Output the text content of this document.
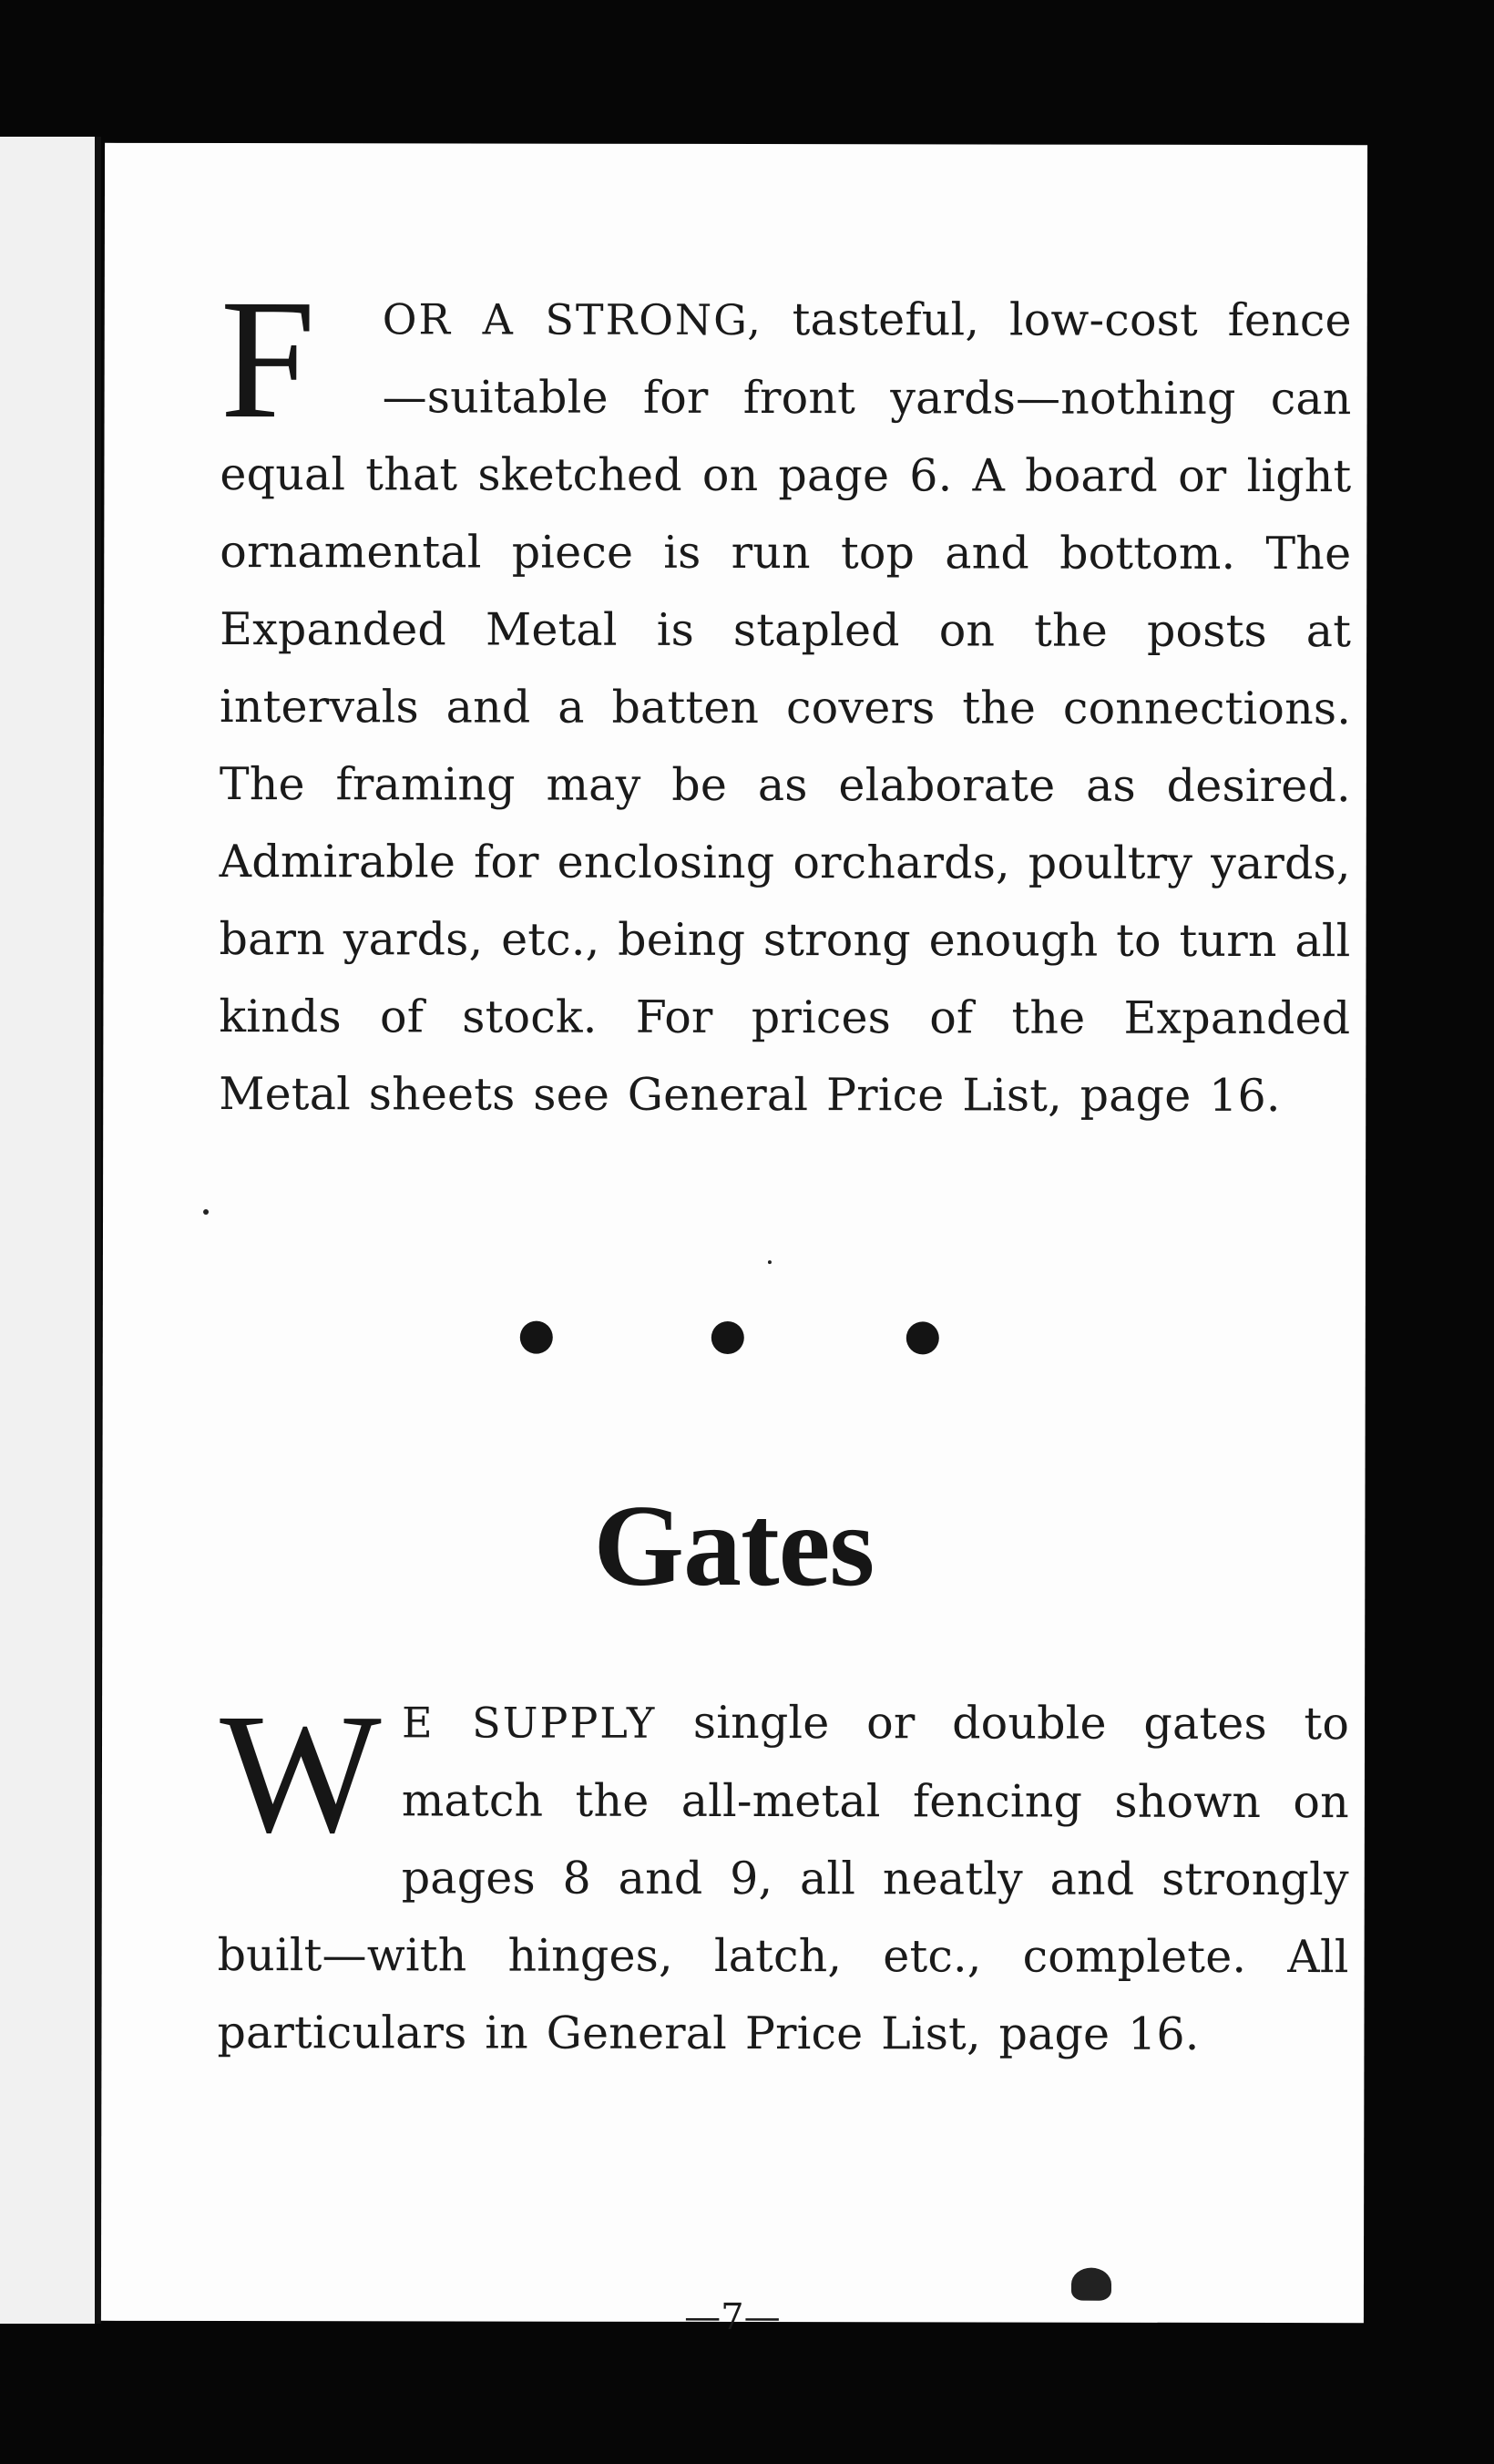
F	OR A STRONG, tasteful, low-cost fence —suitable for front yards—nothing can equal that sketched on page 6. A board or light ornamental piece is run top and bottom. The Expanded Metal is stapled on the posts at intervals and a batten covers the connections. The framing may be as elaborate as desired. Admirable for enclosing orchards, poultry yards, barn yards, etc., being strong enough to turn all kinds of stock. For prices of the Expanded Metal sheets see General Price List, page 16.
Gates
W E SUPPLY single or double gates to match the all-metal fencing shown on pages 8 and 9, all neatly and strongly built—with hinges, latch, etc., complete. All particulars in General Price List, page 16.
—7—
